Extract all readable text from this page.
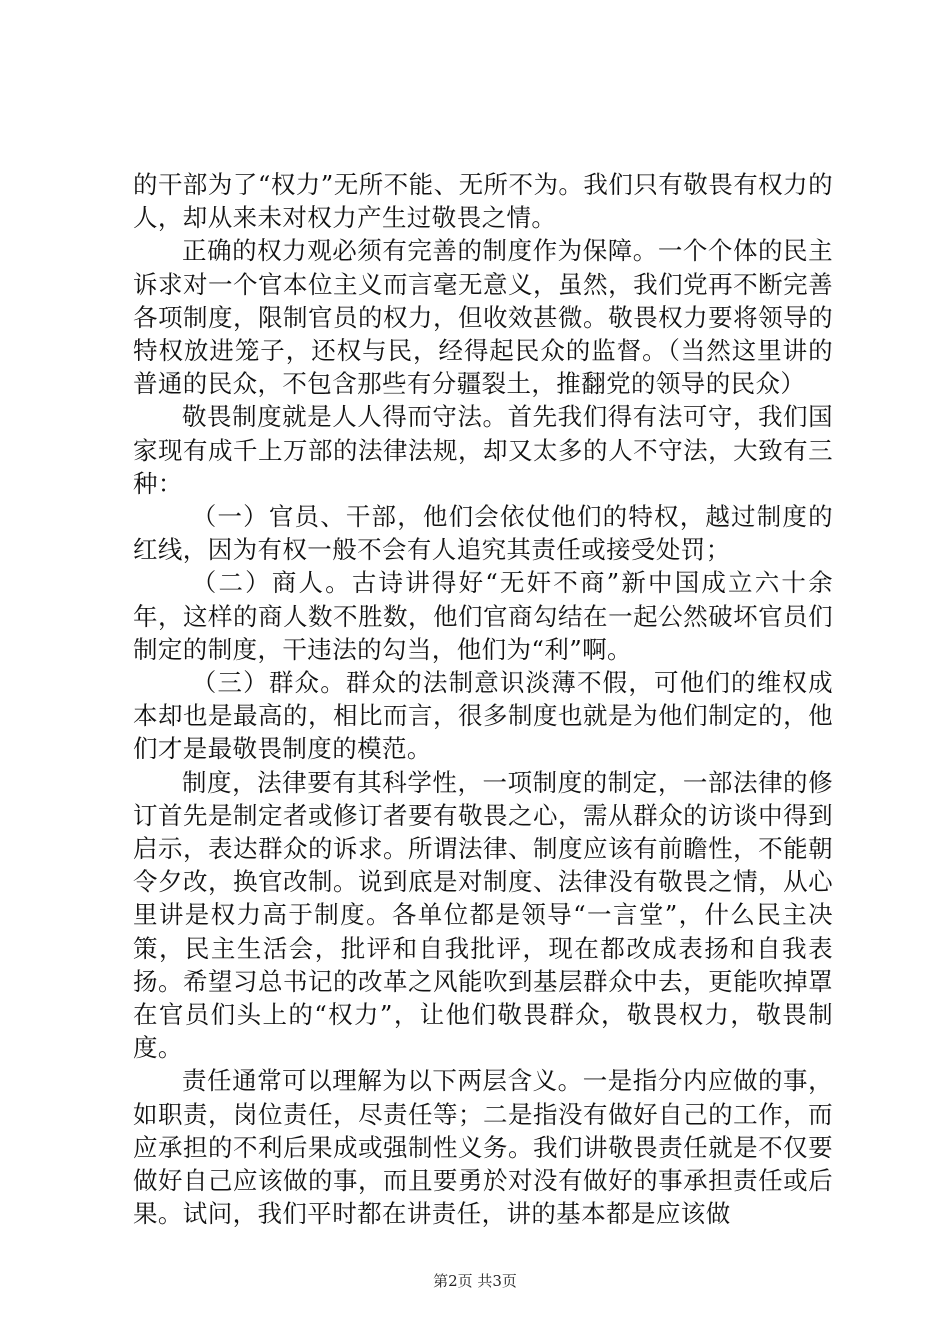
的干部为了“权力”无所不能、无所不为。我们只有敬畏有权力的人，却从来未对权力产生过敬畏之情。

正确的权力观必须有完善的制度作为保障。一个个体的民主诉求对一个官本位主义而言毫无意义，虽然，我们党再不断完善各项制度，限制官员的权力，但收效甚微。敬畏权力要将领导的特权放进笼子，还权与民，经得起民众的监督。（当然这里讲的普通的民众，不包含那些有分疆裂土，推翻党的领导的民众）

敬畏制度就是人人得而守法。首先我们得有法可守，我们国家现有成千上万部的法律法规，却又太多的人不守法，大致有三种：

（一）官员、干部，他们会依仗他们的特权，越过制度的红线，因为有权一般不会有人追究其责任或接受处罚；

（二）商人。古诗讲得好“无奸不商”新中国成立六十余年，这样的商人数不胜数，他们官商勾结在一起公然破坏官员们制定的制度，干违法的勾当，他们为“利”啊。

（三）群众。群众的法制意识淡薄不假，可他们的维权成本却也是最高的，相比而言，很多制度也就是为他们制定的，他们才是最敬畏制度的模范。

制度，法律要有其科学性，一项制度的制定，一部法律的修订首先是制定者或修订者要有敬畏之心，需从群众的访谈中得到启示，表达群众的诉求。所谓法律、制度应该有前瞻性，不能朝令夕改，换官改制。说到底是对制度、法律没有敬畏之情，从心里讲是权力高于制度。各单位都是领导“一言堂”，什么民主决策，民主生活会，批评和自我批评，现在都改成表扬和自我表扬。希望习总书记的改革之风能吹到基层群众中去，更能吹掉罩在官员们头上的“权力”，让他们敬畏群众，敬畏权力，敬畏制度。

责任通常可以理解为以下两层含义。一是指分内应做的事，如职责，岗位责任，尽责任等；二是指没有做好自己的工作，而应承担的不利后果成或强制性义务。我们讲敬畏责任就是不仅要做好自己应该做的事，而且要勇於对没有做好的事承担责任或后果。试问，我们平时都在讲责任，讲的基本都是应该做

第2页 共3页
